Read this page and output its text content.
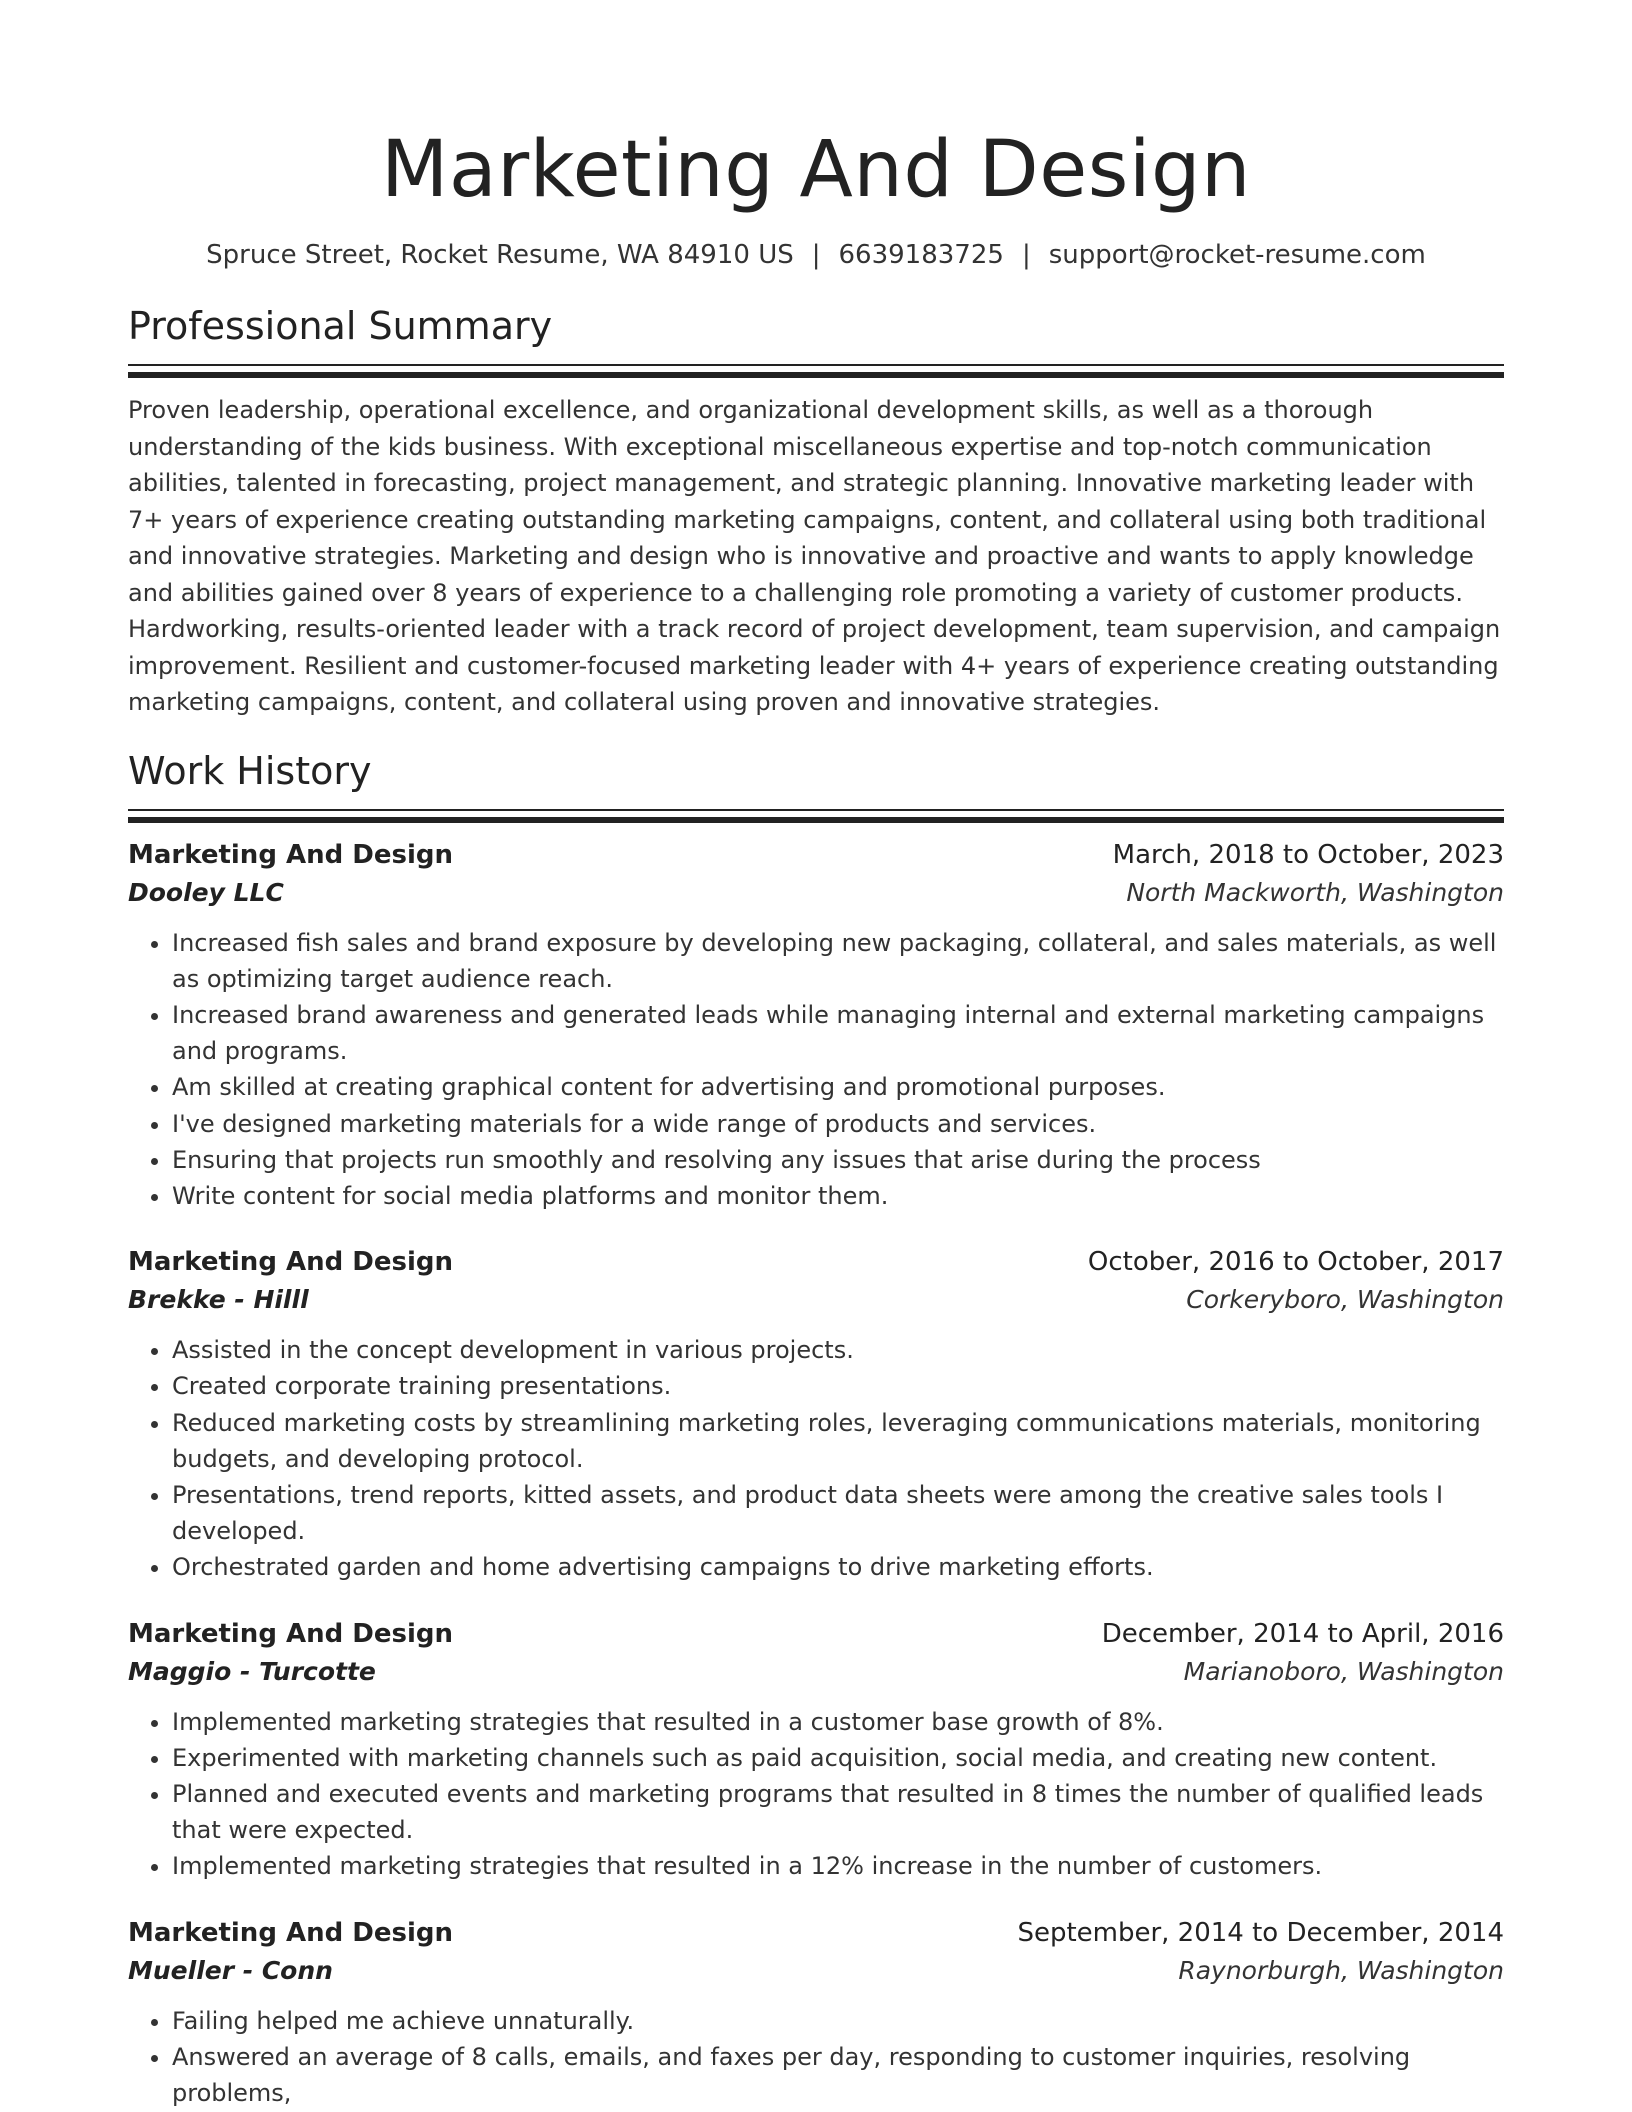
Marketing And Design
Spruce Street, Rocket Resume, WA 84910 US | 6639183725 | support@rocket-resume.com
Professional Summary

Proven leadership, operational excellence, and organizational development skills, as well as a thorough understanding of the kids business. With exceptional miscellaneous expertise and top-notch communication abilities, talented in forecasting, project management, and strategic planning. Innovative marketing leader with 7+ years of experience creating outstanding marketing campaigns, content, and collateral using both traditional and innovative strategies. Marketing and design who is innovative and proactive and wants to apply knowledge and abilities gained over 8 years of experience to a challenging role promoting a variety of customer products. Hardworking, results-oriented leader with a track record of project development, team supervision, and campaign improvement. Resilient and customer-focused marketing leader with 4+ years of experience creating outstanding marketing campaigns, content, and collateral using proven and innovative strategies.

Work History
Marketing And Design	March, 2018 to October, 2023
Dooley LLC	North Mackworth, Washington
• Increased fish sales and brand exposure by developing new packaging, collateral, and sales materials, as well as optimizing target audience reach.
• Increased brand awareness and generated leads while managing internal and external marketing campaigns and programs.
• Am skilled at creating graphical content for advertising and promotional purposes.
• I've designed marketing materials for a wide range of products and services.
• Ensuring that projects run smoothly and resolving any issues that arise during the process
• Write content for social media platforms and monitor them.
Marketing And Design	October, 2016 to October, 2017
Brekke - Hilll	Corkeryboro, Washington
• Assisted in the concept development in various projects.
• Created corporate training presentations.
• Reduced marketing costs by streamlining marketing roles, leveraging communications materials, monitoring budgets, and developing protocol.
• Presentations, trend reports, kitted assets, and product data sheets were among the creative sales tools I developed.
• Orchestrated garden and home advertising campaigns to drive marketing efforts.
Marketing And Design	December, 2014 to April, 2016
Maggio - Turcotte	Marianoboro, Washington
• Implemented marketing strategies that resulted in a customer base growth of 8%.
• Experimented with marketing channels such as paid acquisition, social media, and creating new content.
• Planned and executed events and marketing programs that resulted in 8 times the number of qualified leads that were expected.
• Implemented marketing strategies that resulted in a 12% increase in the number of customers.
Marketing And Design	September, 2014 to December, 2014
Mueller - Conn	Raynorburgh, Washington
• Failing helped me achieve unnaturally.
• Answered an average of 8 calls, emails, and faxes per day, responding to customer inquiries, resolving problems,
